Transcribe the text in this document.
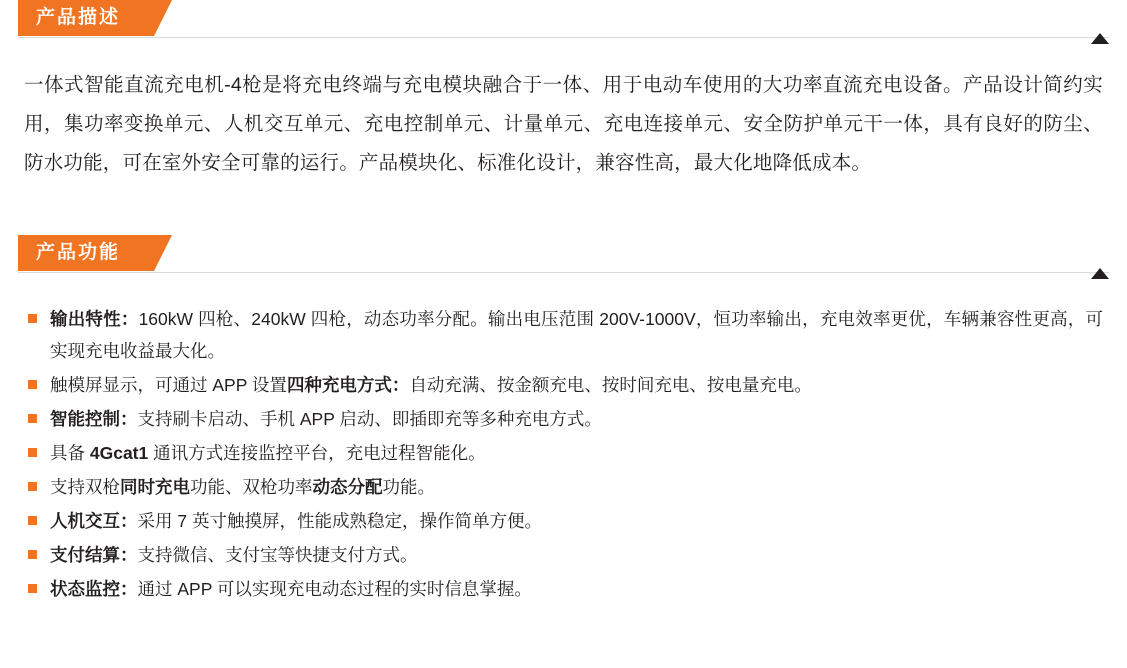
产品描述

一体式智能直流充电机-4枪是将充电终端与充电模块融合于一体、用于电动车使用的大功率直流充电设备。产品设计简约实用，集功率变换单元、人机交互单元、充电控制单元、计量单元、充电连接单元、安全防护单元干一体，具有良好的防尘、防水功能，可在室外安全可靠的运行。产品模块化、标准化设计，兼容性高，最大化地降低成本。

产品功能
输出特性：160kW 四枪、240kW 四枪，动态功率分配。输出电压范围 200V-1000V，恒功率输出，充电效率更优，车辆兼容性更高，可实现充电收益最大化。
触模屏显示，可通过 APP 设置四种充电方式：自动充满、按金额充电、按时间充电、按电量充电。
智能控制：支持刷卡启动、手机 APP 启动、即插即充等多种充电方式。
具备 4Gcat1 通讯方式连接监控平台，充电过程智能化。
支持双枪同时充电功能、双枪功率动态分配功能。
人机交互：采用 7 英寸触摸屏，性能成熟稳定，操作简单方便。
支付结算：支持微信、支付宝等快捷支付方式。
状态监控：通过 APP 可以实现充电动态过程的实时信息掌握。
